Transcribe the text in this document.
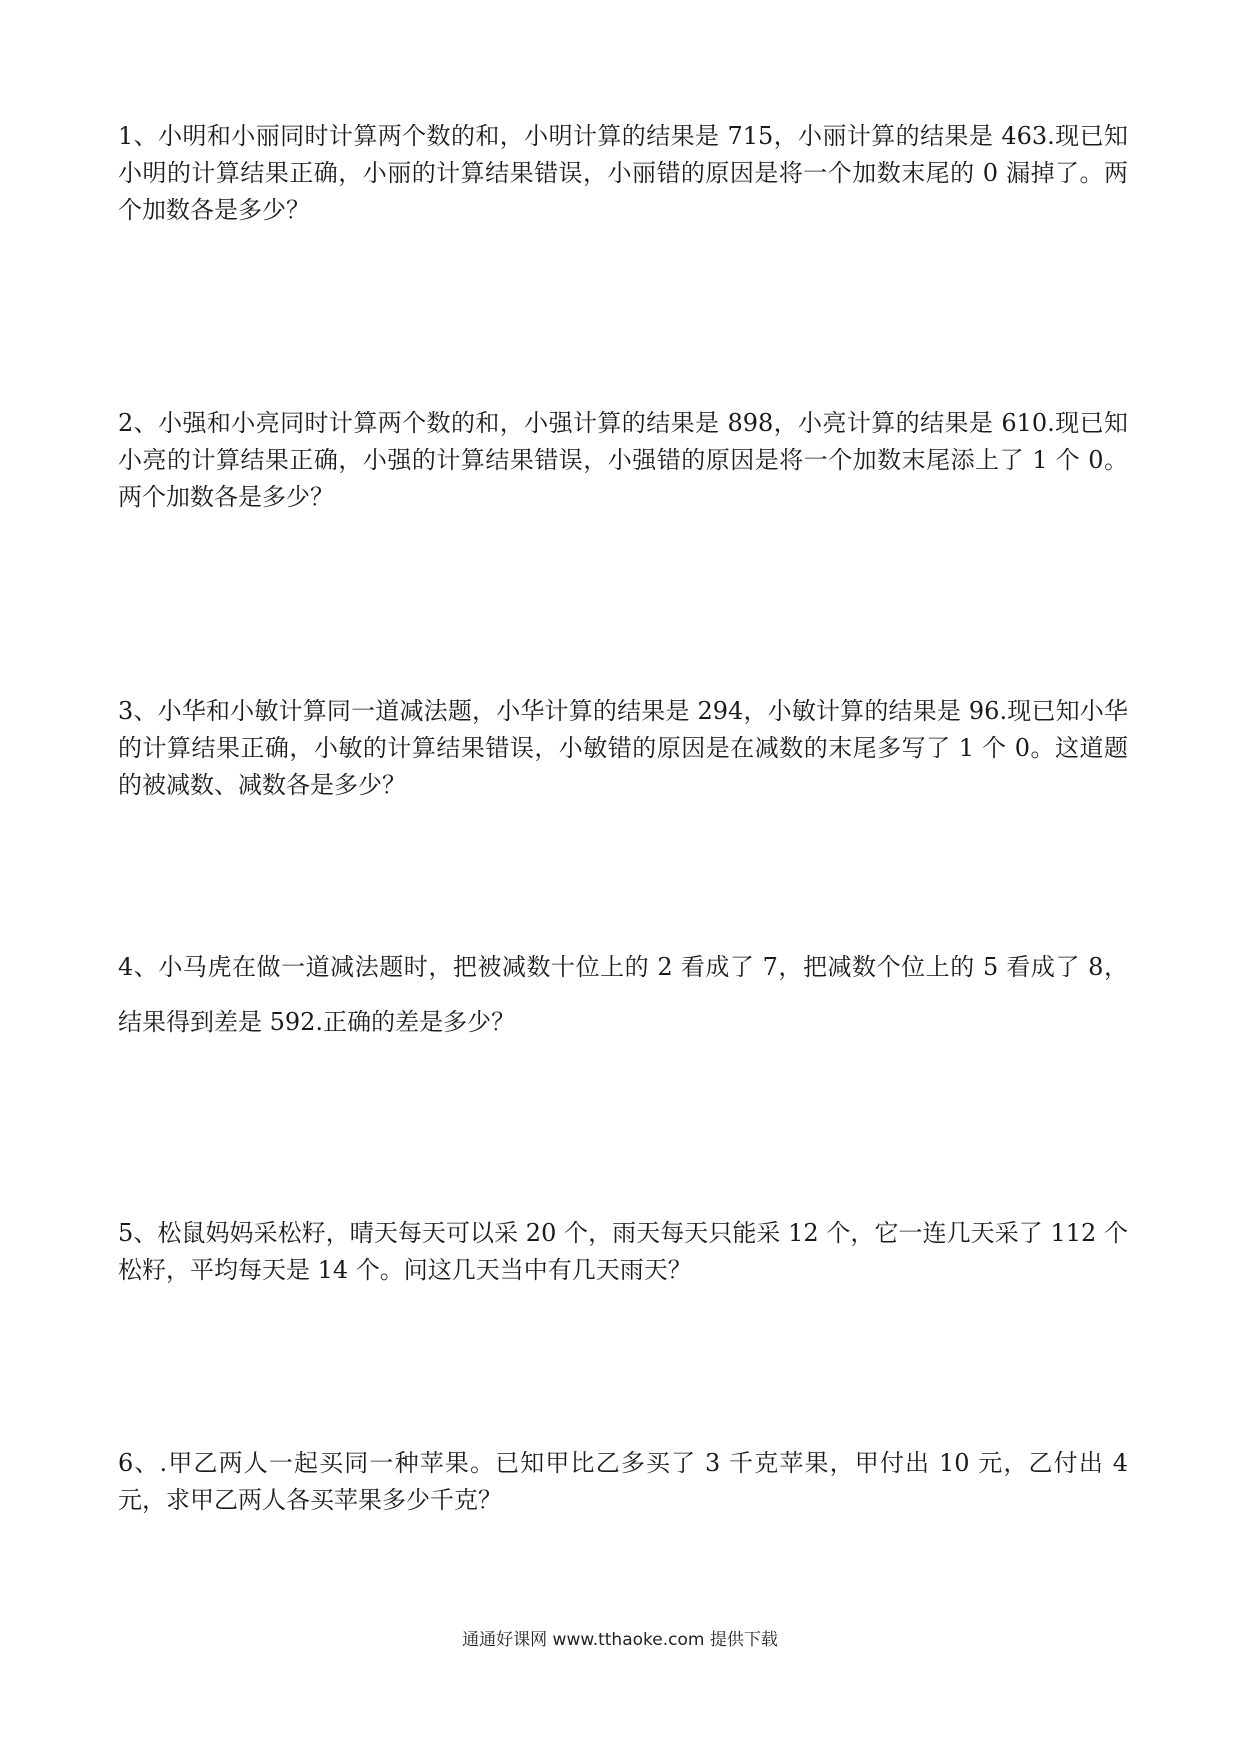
1、小明和小丽同时计算两个数的和，小明计算的结果是 715，小丽计算的结果是 463.现已知小明的计算结果正确，小丽的计算结果错误，小丽错的原因是将一个加数末尾的 0 漏掉了。两个加数各是多少？

2、小强和小亮同时计算两个数的和，小强计算的结果是 898，小亮计算的结果是 610.现已知小亮的计算结果正确，小强的计算结果错误，小强错的原因是将一个加数末尾添上了 1 个 0。两个加数各是多少？

3、小华和小敏计算同一道减法题，小华计算的结果是 294，小敏计算的结果是 96.现已知小华的计算结果正确，小敏的计算结果错误，小敏错的原因是在减数的末尾多写了 1 个 0。这道题的被减数、减数各是多少？

4、小马虎在做一道减法题时，把被减数十位上的 2 看成了 7，把减数个位上的 5 看成了 8，结果得到差是 592.正确的差是多少？

5、松鼠妈妈采松籽，晴天每天可以采 20 个，雨天每天只能采 12 个，它一连几天采了 112 个松籽，平均每天是 14 个。问这几天当中有几天雨天？

6、.甲乙两人一起买同一种苹果。已知甲比乙多买了 3 千克苹果，甲付出 10 元，乙付出 4 元，求甲乙两人各买苹果多少千克？

通通好课网 www.tthaoke.com 提供下载
